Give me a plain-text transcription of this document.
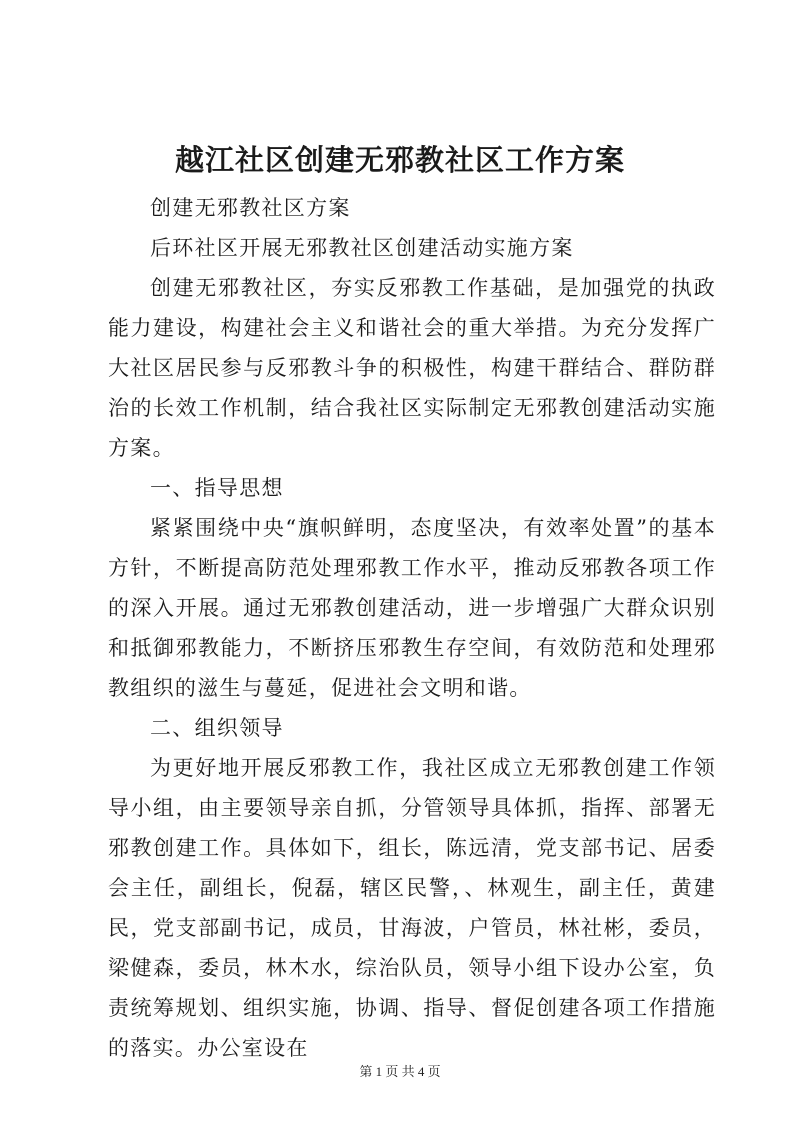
越江社区创建无邪教社区工作方案

创建无邪教社区方案

后环社区开展无邪教社区创建活动实施方案

创建无邪教社区，夯实反邪教工作基础，是加强党的执政能力建设，构建社会主义和谐社会的重大举措。为充分发挥广大社区居民参与反邪教斗争的积极性，构建干群结合、群防群治的长效工作机制，结合我社区实际制定无邪教创建活动实施方案。

一、指导思想

紧紧围绕中央“旗帜鲜明，态度坚决，有效率处置”的基本方针，不断提高防范处理邪教工作水平，推动反邪教各项工作的深入开展。通过无邪教创建活动，进一步增强广大群众识别和抵御邪教能力，不断挤压邪教生存空间，有效防范和处理邪教组织的滋生与蔓延，促进社会文明和谐。

二、组织领导

为更好地开展反邪教工作，我社区成立无邪教创建工作领导小组，由主要领导亲自抓，分管领导具体抓，指挥、部署无邪教创建工作。具体如下，组长，陈远清，党支部书记、居委会主任，副组长，倪磊，辖区民警，、林观生，副主任，黄建民，党支部副书记，成员，甘海波，户管员，林社彬，委员，梁健森，委员，林木水，综治队员，领导小组下设办公室，负责统筹规划、组织实施，协调、指导、督促创建各项工作措施的落实。办公室设在

第 1 页 共 4 页
